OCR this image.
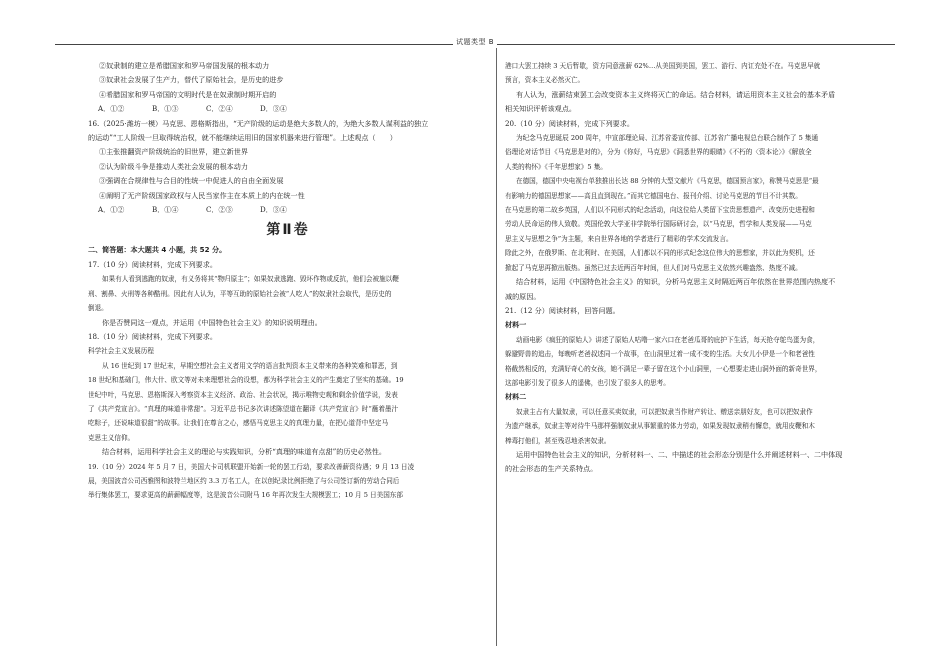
试题类型 B

②奴隶制的建立是希腊国家和罗马帝国发展的根本动力

③奴隶社会发展了生产力，替代了原始社会，是历史的进步

④希腊国家和罗马帝国的文明时代是在奴隶制时期开启的

A．①②	B．①③	C．②④	D．③④

16.（2025·潍坊一模）马克思、恩格斯指出，“无产阶级的运动是绝大多数人的，为绝大多数人谋利益的独立

的运动”“工人阶级一旦取得统治权，就不能继续运用旧的国家机器来进行管理”。上述观点（　　）

①主张推翻资产阶级统治的旧世界，建立新世界

②认为阶级斗争是推动人类社会发展的根本动力

③强调在合规律性与合目的性统一中促进人的自由全面发展

④阐明了无产阶级国家政权与人民当家作主在本质上的内在统一性

A．①②	B．①④	C．②③	D．③④

第Ⅱ卷

二、简答题：本大题共 4 小题，共 52 分。

17.（10 分）阅读材料，完成下列要求。

如果有人看到逃跑的奴隶，有义务将其“物归原主”；如果奴隶逃跑、毁坏作物或反抗，他们会被施以鞭

刑、割鼻、火刑等各种酷刑。因此有人认为，平等互助的原始社会被“人吃人”的奴隶社会取代，是历史的

倒退。

你是否赞同这一观点，并运用《中国特色社会主义》的知识说明理由。

18.（10 分）阅读材料，完成下列要求。

科学社会主义发展历程

从 16 世纪到 17 世纪末，早期空想社会主义者用文学的语言批判资本主义带来的各种笑难和罪恶，到

18 世纪和基础门，伟大什、欧文等对未来理想社会的设想，都为科学社会主义的产生奠定了坚实的基础。19

世纪中叶，马克思、恩格斯深入考察资本主义经济、政治、社会状况，揭示唯物史观和剩余价值学说，发表

了《共产党宣言》。“真理的味道非常甜”。习近平总书记多次讲述陈望道在翻译《共产党宣言》时“蘸着墨汁

吃粽子，还说味道很甜”的故事。让我们在尊言之心，感悟马克思主义的真理力量，在把心道背中坚定马

克思主义信仰。

结合材料，运用科学社会主义的理论与实践知识，分析“真理的味道有点甜”的历史必然性。

19.（10 分）2024 年 5 月 7 日，美国大卡司机联盟开始新一轮的罢工行动，要求改善薪资待遇；9 月 13 日凌

晨，美国波音公司西雅图和波特兰地区约 3.3 万名工人，在以创纪录比例拒绝了与公司签订新的劳动合同后

举行集体罢工，要求更高的薪薪幅度等，这是波音公司附马 16 年再次发生大规模罢工；10 月 5 日美国东部

港口大罢工持续 3 天后暂歇，资方同意涨薪 62%…从美国到美国，罢工、游行、内讧充处不在。马克思早就

预言，资本主义必然灭亡。

有人认为，涨薪结束罢工会改变资本主义终将灭亡的命运。结合材料，请运用资本主义社会的基本矛盾

相关知识评析该观点。

20.（10 分）阅读材料，完成下列要求。

为纪念马克思诞辰 200 周年，中宣部理论局、江苏省委宣传部、江苏省广播电视总台联合制作了 5 集通

俗理论对话节目《马克思是对的》，分为《你好，马克思》《洞悉世界的眼睛》《不朽的〈资本论〉》《解放全

人类的构怀》《千年思想家》5 集。

在德国，德国中央电视台单独推出长达 88 分钟的大型文献片《马克思，德国预言家》，称赞马克思是“最

有影响力的德国思想家——高且直到现在。”而其它德国电台、报刊介绍、讨论马克思的节目不计其数。

在马克思的第二故乡英国，人们以不同形式的纪念活动，向这位给人类留下宝贵思想遗产、改变历史进程和

劳动人民命运的伟人致敬。英国伦敦大学亚非学院举行国际研讨会，以“马克思，哲学和人类发展——马克

思主义与思想之争”为主题，来自世界各地的学者进行了精彩的学术交流发言。

除此之外，在俄罗斯、在北利时、在美国，人们都以不同的形式纪念这位伟大的思想家，并以此为契机，还

掀起了马克思再掀出版热。虽然已过去近两百年时间，但人们对马克思主义依然兴趣盎然、热度不减。

结合材料，运用《中国特色社会主义》的知识，分析马克思主义时隔近两百年依然在世界范围内热度不

减的原因。

21.（12 分）阅读材料，回答问题。

材料一

动画电影《疯狂的原始人》讲述了原始人咕噜一家六口在老爸瓜哥的庇护下生活，每天抢夺鸵鸟蛋为食，

躲避野兽的追击，每晚听老爸叔述同一个故事，在山洞里过着一成不变的生活。大女儿小伊是一个和老爸性

格截然相反的，充满好奇心的女孩，她不满足一辈子留在这个小山洞里，一心想要走进山洞外面的新奇世界，

这部电影引发了很多人的遥佛，也引发了很多人的思考。

材料二

奴隶主占有大量奴隶，可以任意买卖奴隶，可以把奴隶当作财产转让、赠送亲朋好友，也可以把奴隶作

为遗产继承，奴隶主等对待牛马那样强制奴隶从事繁重的体力劳动，如果发现奴隶稍有懈怠，就用皮鞭和木

棒毒打他们，甚至残忍地杀害奴隶。

运用中国特色社会主义的知识，分析材料一、二、中描述的社会形态分别是什么并阐述材料一、二中体现

的社会形态的生产关系特点。
